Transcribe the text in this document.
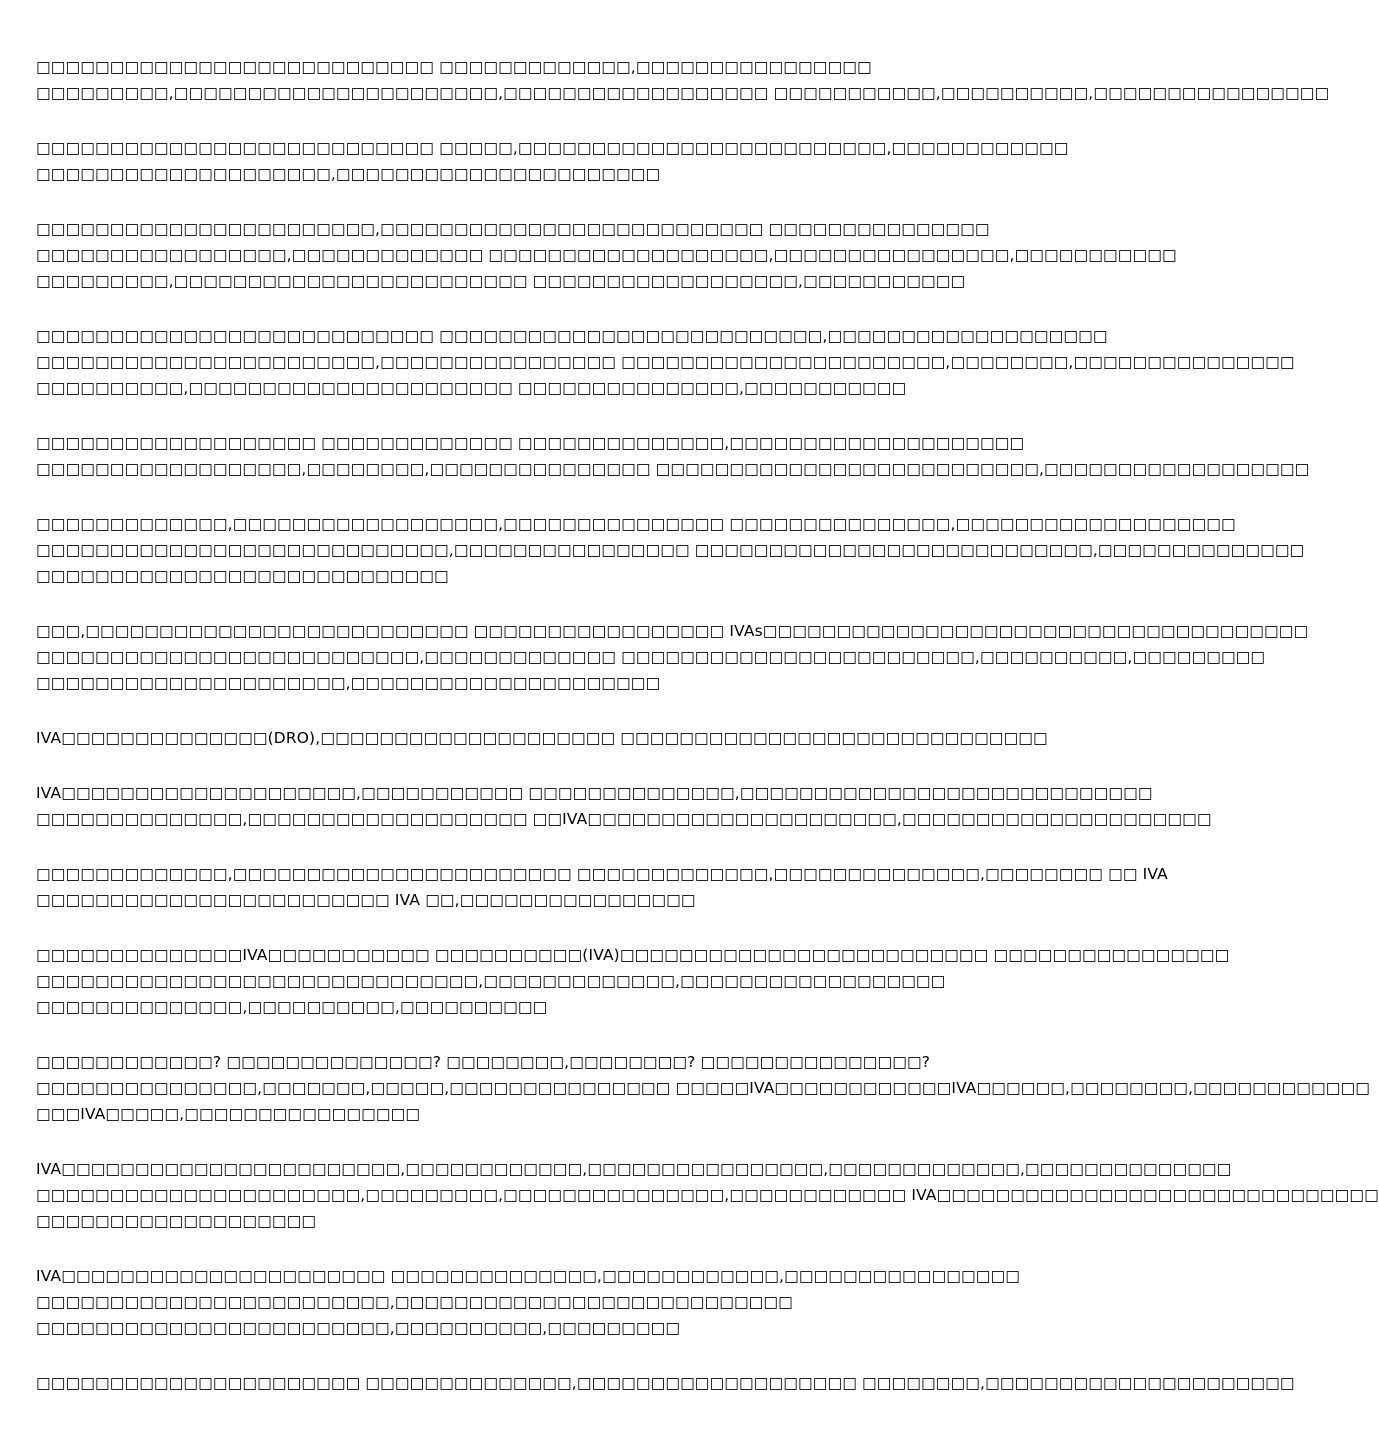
□□□□□□□□□□□□□□□□□□□□□□□□□□□ □□□□□□□□□□□□□,□□□□□□□□□□□□□□□□
□□□□□□□□□,□□□□□□□□□□□□□□□□□□□□□□,□□□□□□□□□□□□□□□□□□ □□□□□□□□□□□,□□□□□□□□□□,□□□□□□□□□□□□□□□□
□□□□□□□□□□□□□□□□□□□□□□□□□□□ □□□□□,□□□□□□□□□□□□□□□□□□□□□□□□□,□□□□□□□□□□□□
□□□□□□□□□□□□□□□□□□□□,□□□□□□□□□□□□□□□□□□□□□□
□□□□□□□□□□□□□□□□□□□□□□□,□□□□□□□□□□□□□□□□□□□□□□□□□□ □□□□□□□□□□□□□□□
□□□□□□□□□□□□□□□□□,□□□□□□□□□□□□□ □□□□□□□□□□□□□□□□□□□,□□□□□□□□□□□□□□□□,□□□□□□□□□□□
□□□□□□□□□,□□□□□□□□□□□□□□□□□□□□□□□□ □□□□□□□□□□□□□□□□□□,□□□□□□□□□□□
□□□□□□□□□□□□□□□□□□□□□□□□□□□ □□□□□□□□□□□□□□□□□□□□□□□□□□,□□□□□□□□□□□□□□□□□□□
□□□□□□□□□□□□□□□□□□□□□□□,□□□□□□□□□□□□□□□□ □□□□□□□□□□□□□□□□□□□□□□,□□□□□□□□,□□□□□□□□□□□□□□□
□□□□□□□□□□,□□□□□□□□□□□□□□□□□□□□□□ □□□□□□□□□□□□□□□,□□□□□□□□□□□
□□□□□□□□□□□□□□□□□□□ □□□□□□□□□□□□□ □□□□□□□□□□□□□□,□□□□□□□□□□□□□□□□□□□□
□□□□□□□□□□□□□□□□□□,□□□□□□□□,□□□□□□□□□□□□□□□ □□□□□□□□□□□□□□□□□□□□□□□□□□,□□□□□□□□□□□□□□□□□□
□□□□□□□□□□□□□,□□□□□□□□□□□□□□□□□□,□□□□□□□□□□□□□□□ □□□□□□□□□□□□□□□,□□□□□□□□□□□□□□□□□□□
□□□□□□□□□□□□□□□□□□□□□□□□□□□□,□□□□□□□□□□□□□□□□ □□□□□□□□□□□□□□□□□□□□□□□□□□□,□□□□□□□□□□□□□□
□□□□□□□□□□□□□□□□□□□□□□□□□□□□
□□□,□□□□□□□□□□□□□□□□□□□□□□□□□□ □□□□□□□□□□□□□□□□□ IVAs□□□□□□□□□□□□□□□□□□□□□□□□□□□□□□□□□□□□□
□□□□□□□□□□□□□□□□□□□□□□□□□□,□□□□□□□□□□□□□ □□□□□□□□□□□□□□□□□□□□□□□□,□□□□□□□□□□,□□□□□□□□□
□□□□□□□□□□□□□□□□□□□□□,□□□□□□□□□□□□□□□□□□□□□
IVA□□□□□□□□□□□□□□(DRO),□□□□□□□□□□□□□□□□□□□□ □□□□□□□□□□□□□□□□□□□□□□□□□□□□□
IVA□□□□□□□□□□□□□□□□□□□□,□□□□□□□□□□□ □□□□□□□□□□□□□□,□□□□□□□□□□□□□□□□□□□□□□□□□□□□
□□□□□□□□□□□□□□,□□□□□□□□□□□□□□□□□□□ □□IVA□□□□□□□□□□□□□□□□□□□□□,□□□□□□□□□□□□□□□□□□□□□
□□□□□□□□□□□□□,□□□□□□□□□□□□□□□□□□□□□□□ □□□□□□□□□□□□□,□□□□□□□□□□□□□□,□□□□□□□□ □□ IVA
□□□□□□□□□□□□□□□□□□□□□□□□ IVA □□,□□□□□□□□□□□□□□□□
□□□□□□□□□□□□□□IVA□□□□□□□□□□□ □□□□□□□□□□(IVA)□□□□□□□□□□□□□□□□□□□□□□□□□ □□□□□□□□□□□□□□□□
□□□□□□□□□□□□□□□□□□□□□□□□□□□□□□,□□□□□□□□□□□□□,□□□□□□□□□□□□□□□□□□
□□□□□□□□□□□□□□,□□□□□□□□□□,□□□□□□□□□□
□□□□□□□□□□□□? □□□□□□□□□□□□□□? □□□□□□□□,□□□□□□□□? □□□□□□□□□□□□□□□?
□□□□□□□□□□□□□□□,□□□□□□□,□□□□□,□□□□□□□□□□□□□□□ □□□□□IVA□□□□□□□□□□□□IVA□□□□□□,□□□□□□□□,□□□□□□□□□□□□
□□□IVA□□□□□,□□□□□□□□□□□□□□□□
IVA□□□□□□□□□□□□□□□□□□□□□□□,□□□□□□□□□□□□,□□□□□□□□□□□□□□□□,□□□□□□□□□□□□□,□□□□□□□□□□□□□□
□□□□□□□□□□□□□□□□□□□□□□,□□□□□□□□□,□□□□□□□□□□□□□□□,□□□□□□□□□□□□ IVA□□□□□□□□□□□□□□□□□□□□□□□□□□□□□□
□□□□□□□□□□□□□□□□□□□
IVA□□□□□□□□□□□□□□□□□□□□□□ □□□□□□□□□□□□□□,□□□□□□□□□□□□,□□□□□□□□□□□□□□□□
□□□□□□□□□□□□□□□□□□□□□□□□,□□□□□□□□□□□□□□□□□□□□□□□□□□□
□□□□□□□□□□□□□□□□□□□□□□□□,□□□□□□□□□□,□□□□□□□□□
□□□□□□□□□□□□□□□□□□□□□□ □□□□□□□□□□□□□□,□□□□□□□□□□□□□□□□□□□ □□□□□□□□,□□□□□□□□□□□□□□□□□□□□□
